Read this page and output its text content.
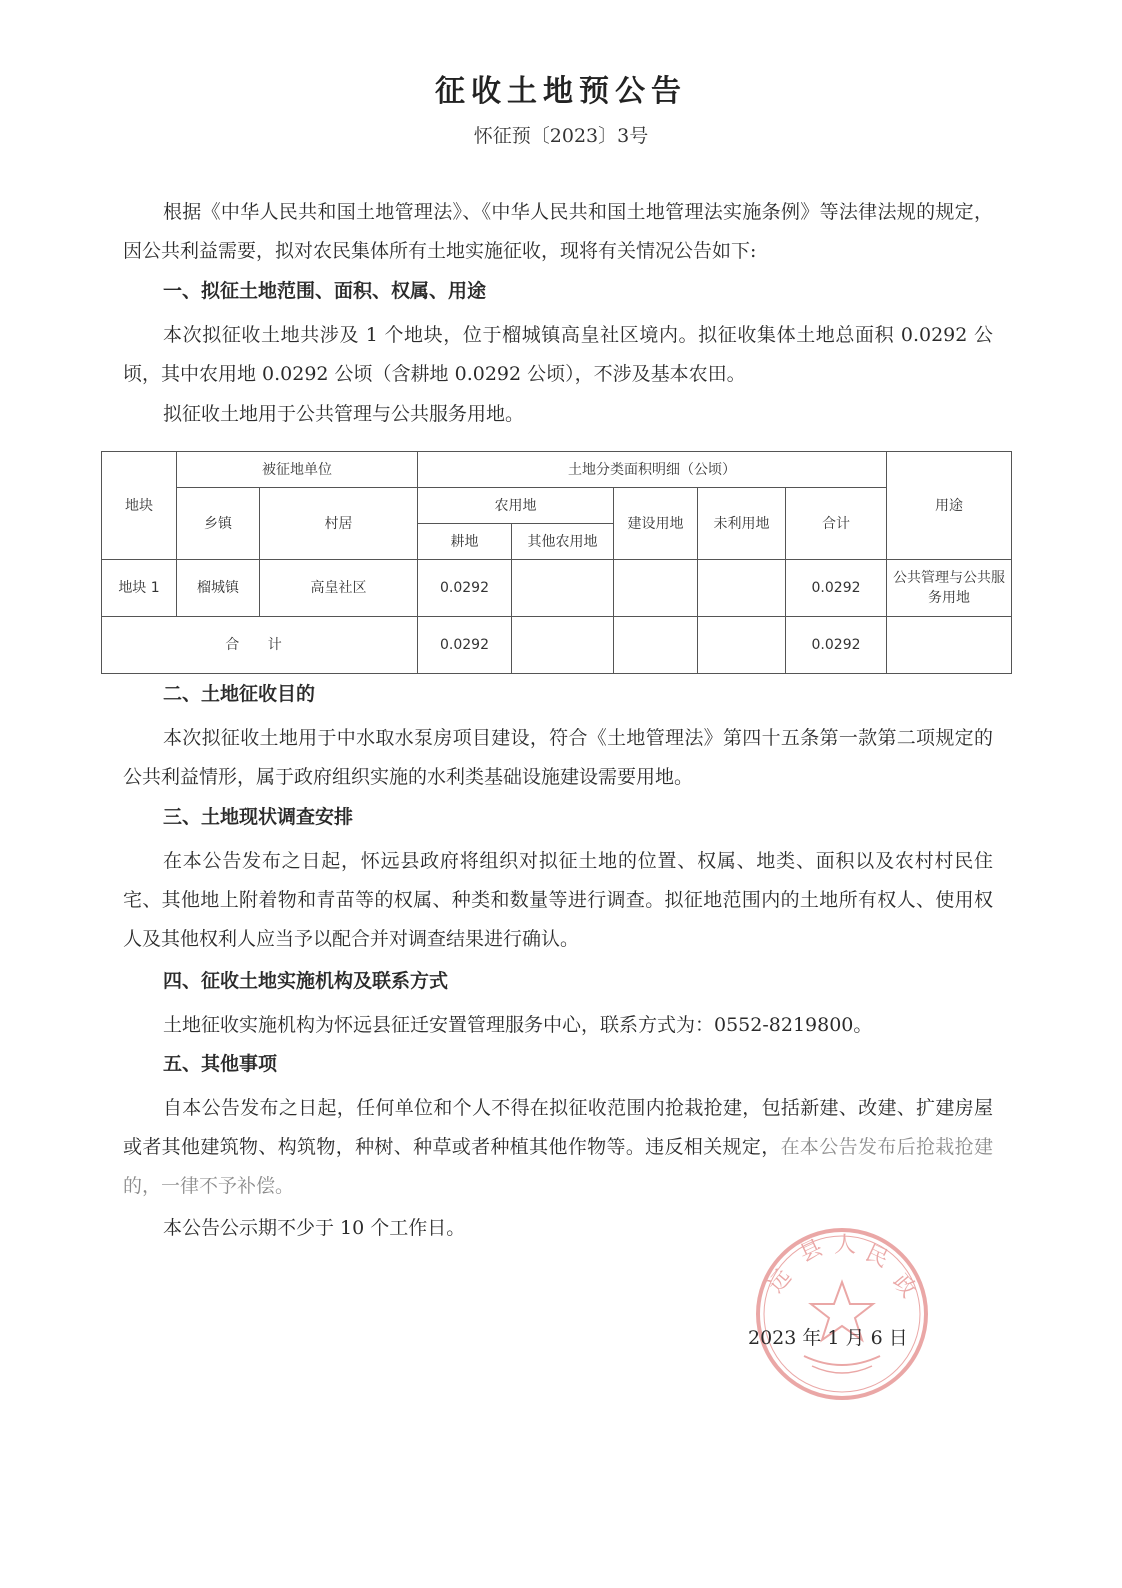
征收土地预公告
怀征预〔2023〕3号

根据《中华人民共和国土地管理法》、《中华人民共和国土地管理法实施条例》等法律法规的规定，因公共利益需要，拟对农民集体所有土地实施征收，现将有关情况公告如下:

一、拟征土地范围、面积、权属、用途

本次拟征收土地共涉及 1 个地块，位于榴城镇高皇社区境内。拟征收集体土地总面积 0.0292 公顷，其中农用地 0.0292 公顷（含耕地 0.0292 公顷），不涉及基本农田。

拟征收土地用于公共管理与公共服务用地。
地块	被征地单位		土地分类面积明细（公顷）					用途
	乡镇	村居	农用地		建设用地	未利用地	合计	
			耕地	其他农用地				
地块 1	榴城镇	高皇社区	0.0292				0.0292	公共管理与公共服务用地
合 计			0.0292				0.0292	
二、土地征收目的

本次拟征收土地用于中水取水泵房项目建设，符合《土地管理法》第四十五条第一款第二项规定的公共利益情形，属于政府组织实施的水利类基础设施建设需要用地。

三、土地现状调查安排

在本公告发布之日起，怀远县政府将组织对拟征土地的位置、权属、地类、面积以及农村村民住宅、其他地上附着物和青苗等的权属、种类和数量等进行调查。拟征地范围内的土地所有权人、使用权人及其他权利人应当予以配合并对调查结果进行确认。

四、征收土地实施机构及联系方式
土地征收实施机构为怀远县征迁安置管理服务中心，联系方式为：0552-8219800。
五、其他事项

自本公告发布之日起，任何单位和个人不得在拟征收范围内抢栽抢建，包括新建、改建、扩建房屋或者其他建筑物、构筑物，种树、种草或者种植其他作物等。违反相关规定，在本公告发布后抢栽抢建的，一律不予补偿。

本公告公示期不少于 10 个工作日。
远
县 人 民
政
2023 年 1 月 6 日
